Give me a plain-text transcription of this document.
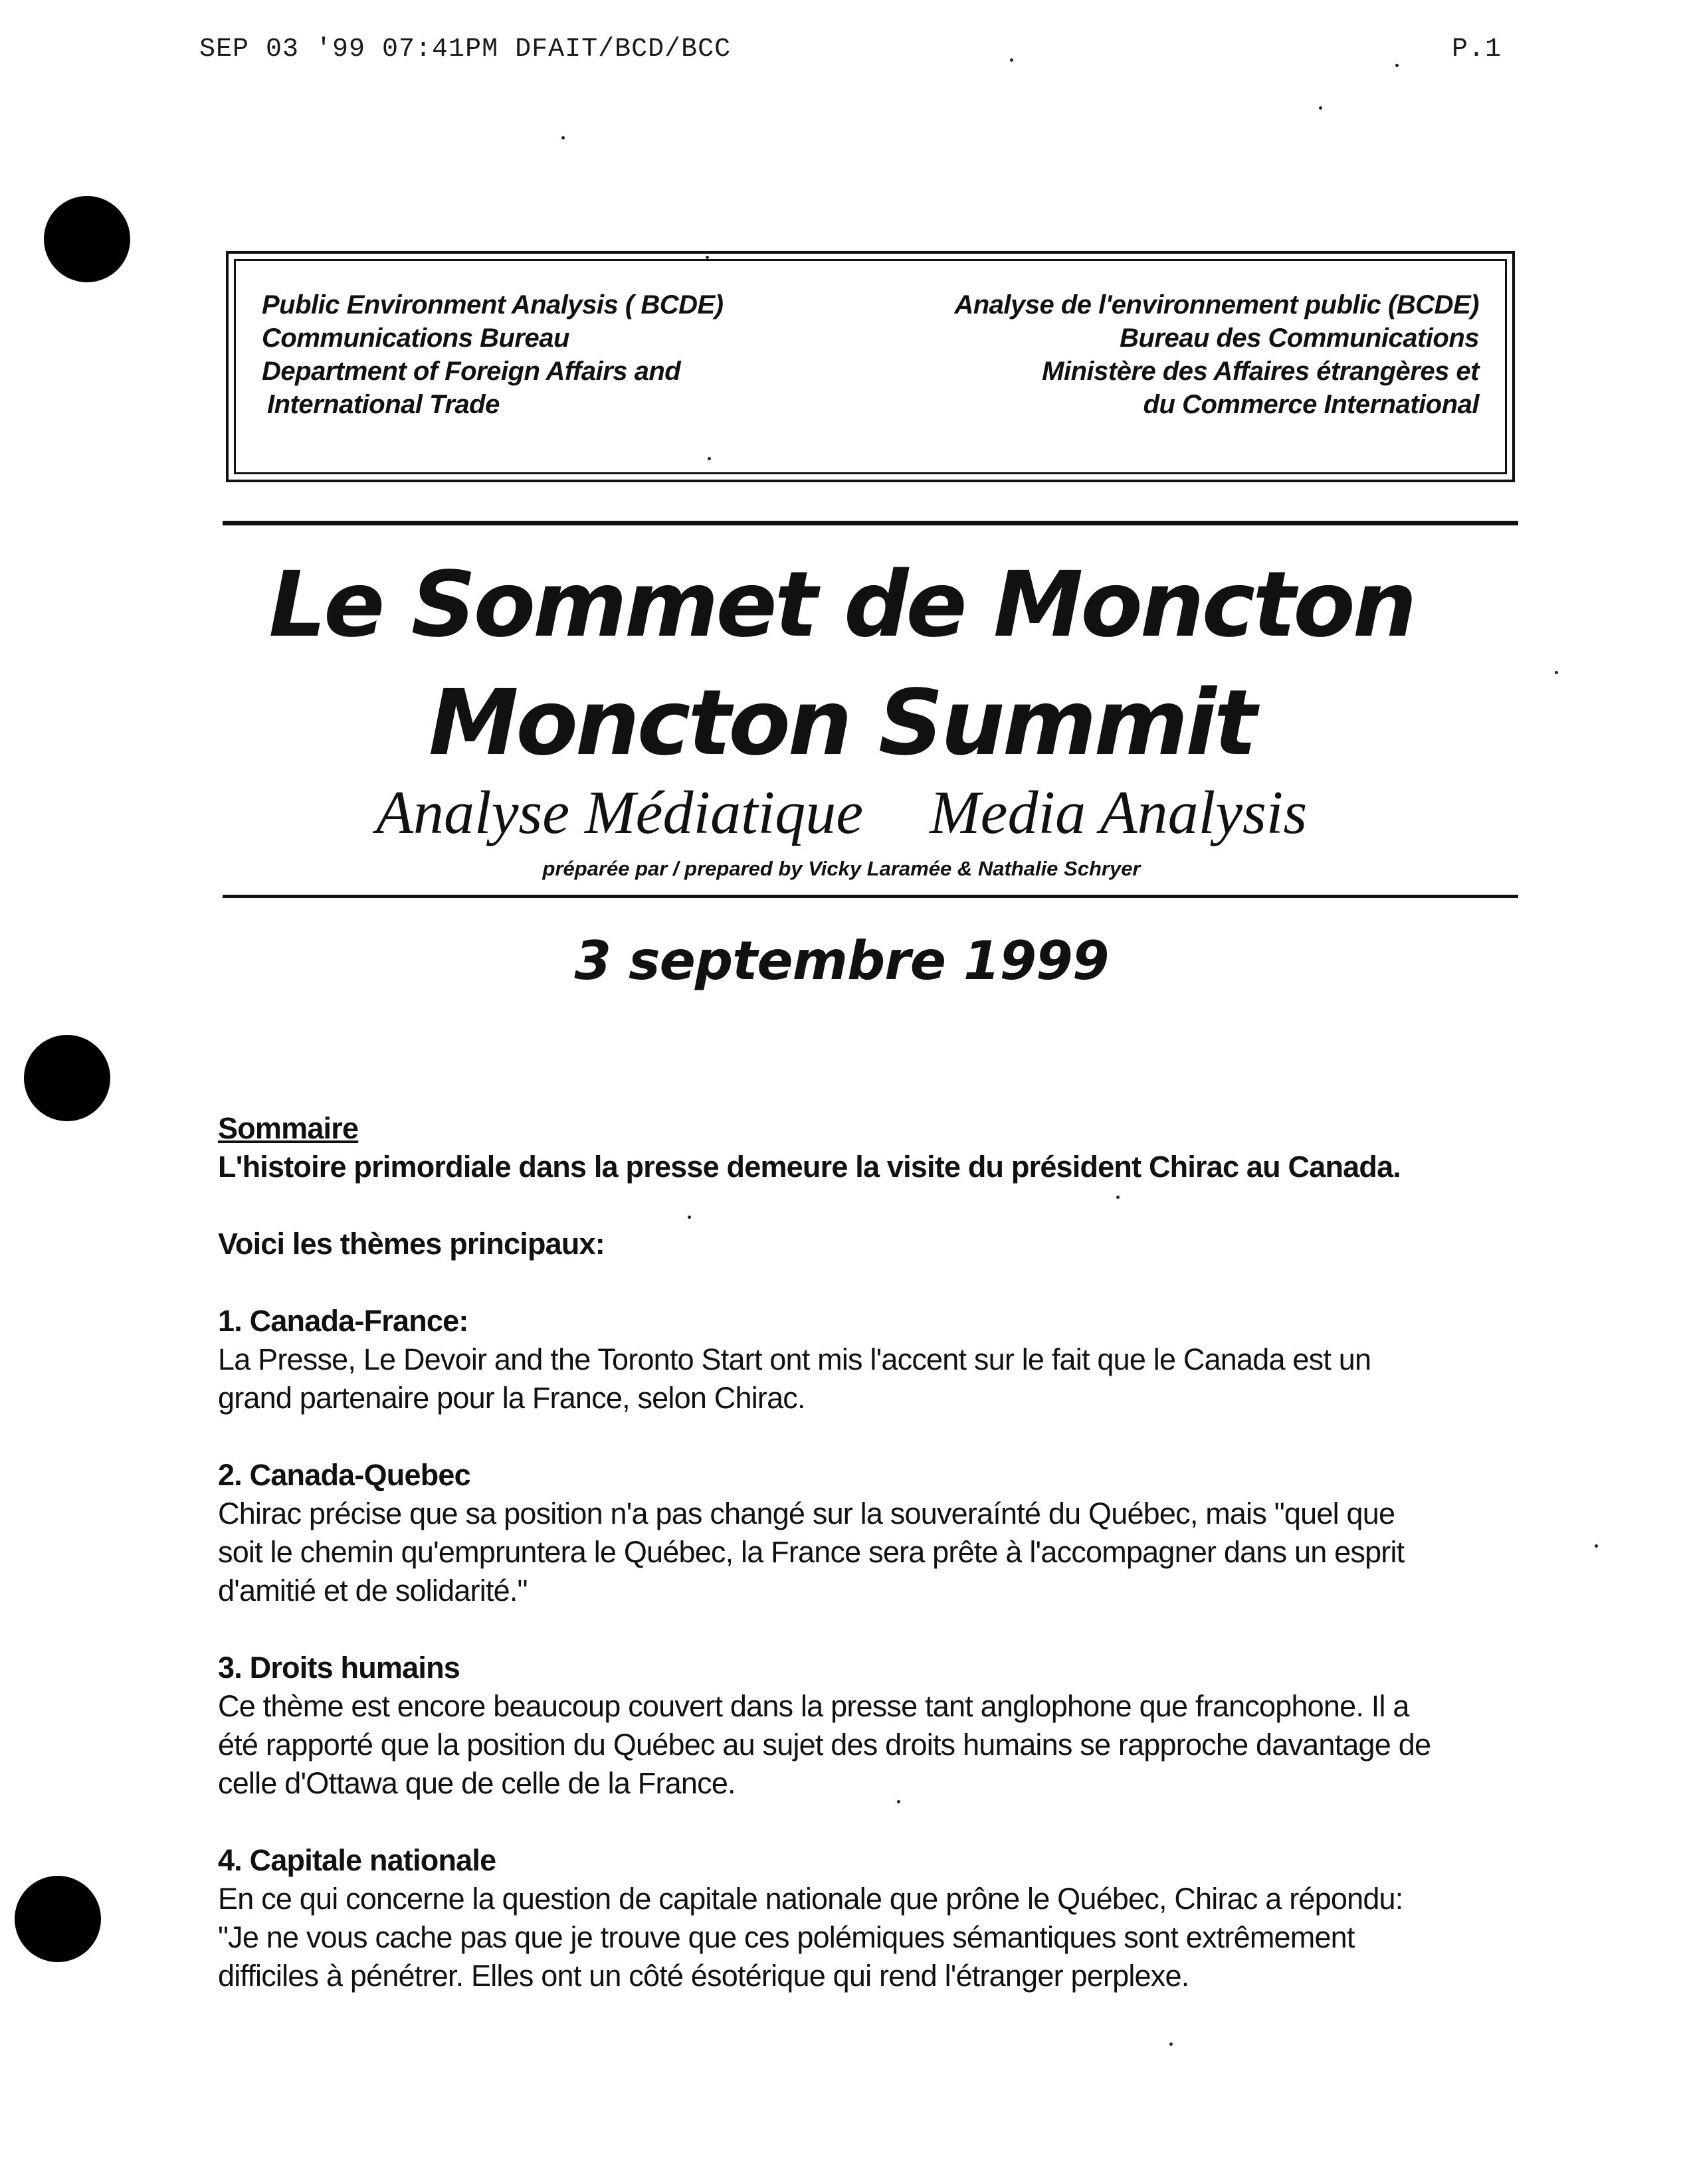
SEP 03 '99 07:41PM DFAIT/BCD/BCC	P.1
Public Environment Analysis ( BCDE)
Communications Bureau
Department of Foreign Affairs and
International Trade
Analyse de l'environnement public (BCDE)
Bureau des Communications
Ministère des Affaires étrangères et
du Commerce International
Le Sommet de Moncton
Moncton Summit
Analyse Médiatique Media Analysis
préparée par / prepared by Vicky Laramée & Nathalie Schryer
3 septembre 1999
Sommaire
L'histoire primordiale dans la presse demeure la visite du président Chirac au Canada.
Voici les thèmes principaux:
1. Canada-France:
La Presse, Le Devoir and the Toronto Start ont mis l'accent sur le fait que le Canada est un
grand partenaire pour la France, selon Chirac.
2. Canada-Quebec
Chirac précise que sa position n'a pas changé sur la souveraínté du Québec, mais "quel que
soit le chemin qu'empruntera le Québec, la France sera prête à l'accompagner dans un esprit
d'amitié et de solidarité."
3. Droits humains
Ce thème est encore beaucoup couvert dans la presse tant anglophone que francophone. Il a
été rapporté que la position du Québec au sujet des droits humains se rapproche davantage de
celle d'Ottawa que de celle de la France.
4. Capitale nationale
En ce qui concerne la question de capitale nationale que prône le Québec, Chirac a répondu:
"Je ne vous cache pas que je trouve que ces polémiques sémantiques sont extrêmement
difficiles à pénétrer. Elles ont un côté ésotérique qui rend l'étranger perplexe.
